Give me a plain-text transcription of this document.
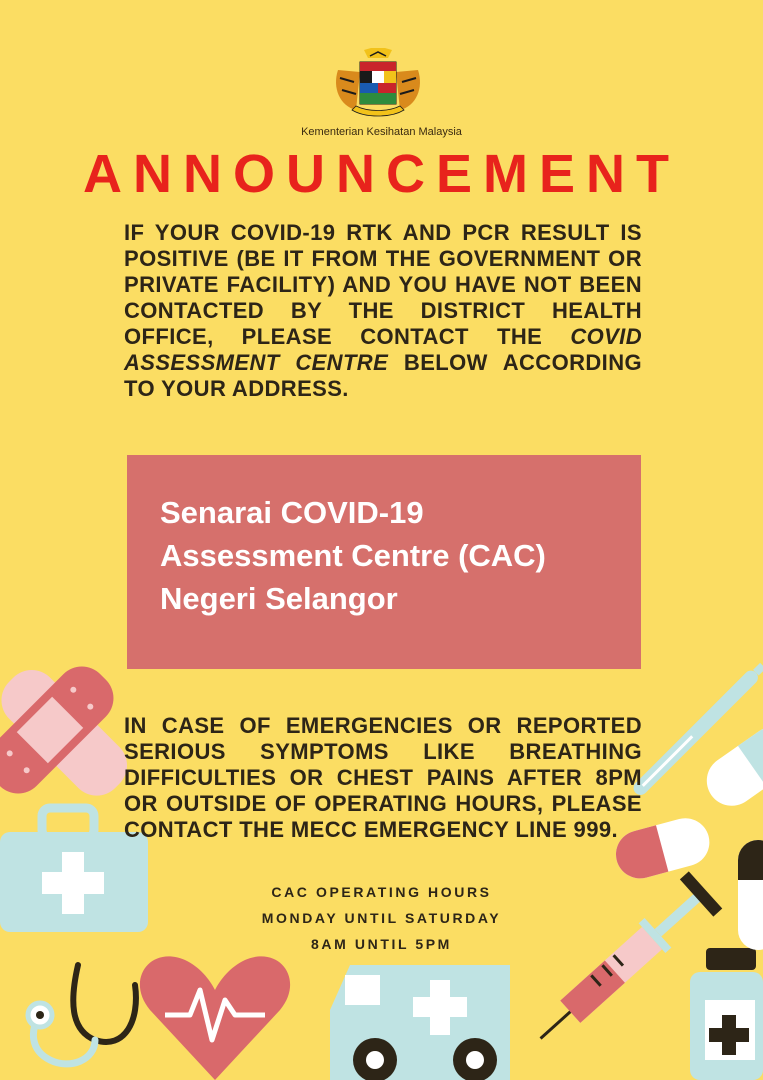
Kementerian Kesihatan Malaysia
ANNOUNCEMENT
IF YOUR COVID-19 RTK AND PCR RESULT IS POSITIVE (BE IT FROM THE GOVERNMENT OR PRIVATE FACILITY) AND YOU HAVE NOT BEEN CONTACTED BY THE DISTRICT HEALTH OFFICE, PLEASE CONTACT THE COVID ASSESSMENT CENTRE BELOW ACCORDING TO YOUR ADDRESS.
Senarai COVID-19
Assessment Centre (CAC)
Negeri Selangor
IN CASE OF EMERGENCIES OR REPORTED SERIOUS SYMPTOMS LIKE BREATHING DIFFICULTIES OR CHEST PAINS AFTER 8PM OR OUTSIDE OF OPERATING HOURS, PLEASE CONTACT THE MECC EMERGENCY LINE 999.
CAC OPERATING HOURS
MONDAY UNTIL SATURDAY
8AM UNTIL 5PM
